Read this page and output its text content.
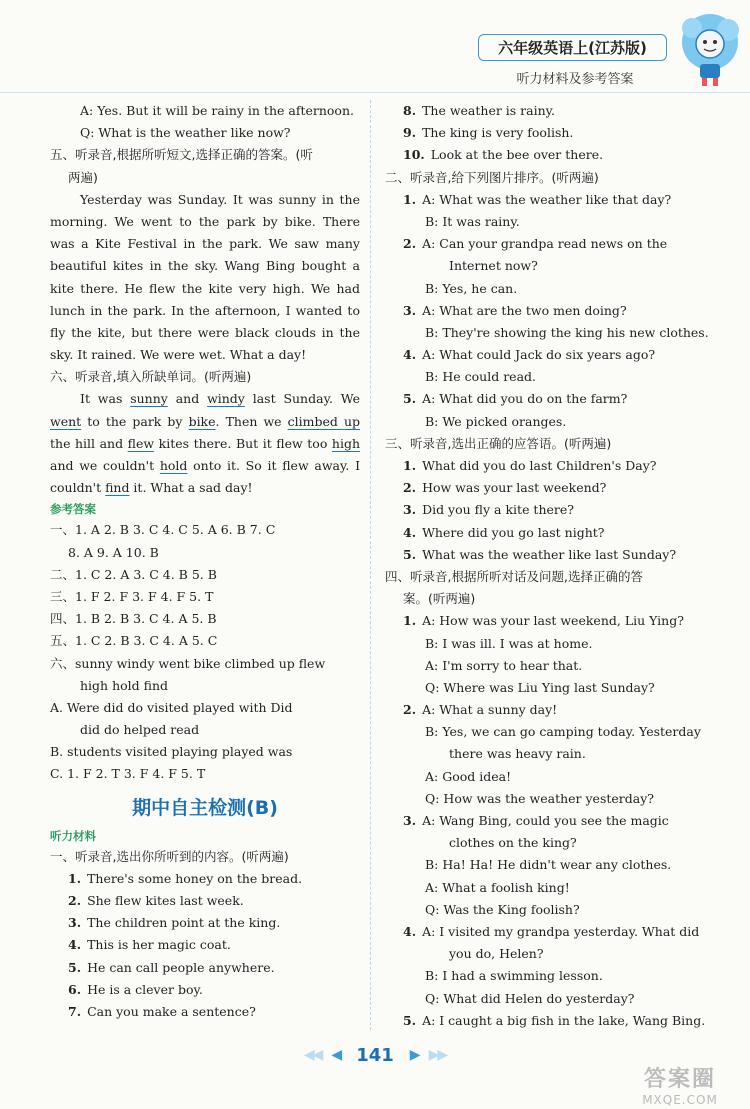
六年级英语上(江苏版)
听力材料及参考答案
A: Yes. But it will be rainy in the afternoon.
Q: What is the weather like now?
五、听录音,根据所听短文,选择正确的答案。(听
两遍)
Yesterday was Sunday. It was sunny in the
morning. We went to the park by bike. There
was a Kite Festival in the park. We saw many
beautiful kites in the sky. Wang Bing bought a
kite there. He flew the kite very high. We had
lunch in the park. In the afternoon, I wanted to
fly the kite, but there were black clouds in the
sky. It rained. We were wet. What a day!
六、听录音,填入所缺单词。(听两遍)
It was sunny and windy last Sunday. We
went to the park by bike. Then we climbed up
the hill and flew kites there. But it flew too high
and we couldn't hold onto it. So it flew away. I
couldn't find it. What a sad day!
参考答案
一、1. A 2. B 3. C 4. C 5. A 6. B 7. C
8. A 9. A 10. B
二、1. C 2. A 3. C 4. B 5. B
三、1. F 2. F 3. F 4. F 5. T
四、1. B 2. B 3. C 4. A 5. B
五、1. C 2. B 3. C 4. A 5. C
六、sunny windy went bike climbed up flew
high hold find
A. Were did do visited played with Did
did do helped read
B. students visited playing played was
C. 1. F 2. T 3. F 4. F 5. T
期中自主检测(B)
听力材料
一、听录音,选出你所听到的内容。(听两遍)
1. There's some honey on the bread.
2. She flew kites last week.
3. The children point at the king.
4. This is her magic coat.
5. He can call people anywhere.
6. He is a clever boy.
7. Can you make a sentence?
8. The weather is rainy.
9. The king is very foolish.
10. Look at the bee over there.
二、听录音,给下列图片排序。(听两遍)
1. A: What was the weather like that day?
B: It was rainy.
2. A: Can your grandpa read news on the
Internet now?
B: Yes, he can.
3. A: What are the two men doing?
B: They're showing the king his new clothes.
4. A: What could Jack do six years ago?
B: He could read.
5. A: What did you do on the farm?
B: We picked oranges.
三、听录音,选出正确的应答语。(听两遍)
1. What did you do last Children's Day?
2. How was your last weekend?
3. Did you fly a kite there?
4. Where did you go last night?
5. What was the weather like last Sunday?
四、听录音,根据所听对话及问题,选择正确的答
案。(听两遍)
1. A: How was your last weekend, Liu Ying?
B: I was ill. I was at home.
A: I'm sorry to hear that.
Q: Where was Liu Ying last Sunday?
2. A: What a sunny day!
B: Yes, we can go camping today. Yesterday
there was heavy rain.
A: Good idea!
Q: How was the weather yesterday?
3. A: Wang Bing, could you see the magic
clothes on the king?
B: Ha! Ha! He didn't wear any clothes.
A: What a foolish king!
Q: Was the King foolish?
4. A: I visited my grandpa yesterday. What did
you do, Helen?
B: I had a swimming lesson.
Q: What did Helen do yesterday?
5. A: I caught a big fish in the lake, Wang Bing.
◀◀ ◀ 141 ▶ ▶▶
答案圈
MXQE.COM
